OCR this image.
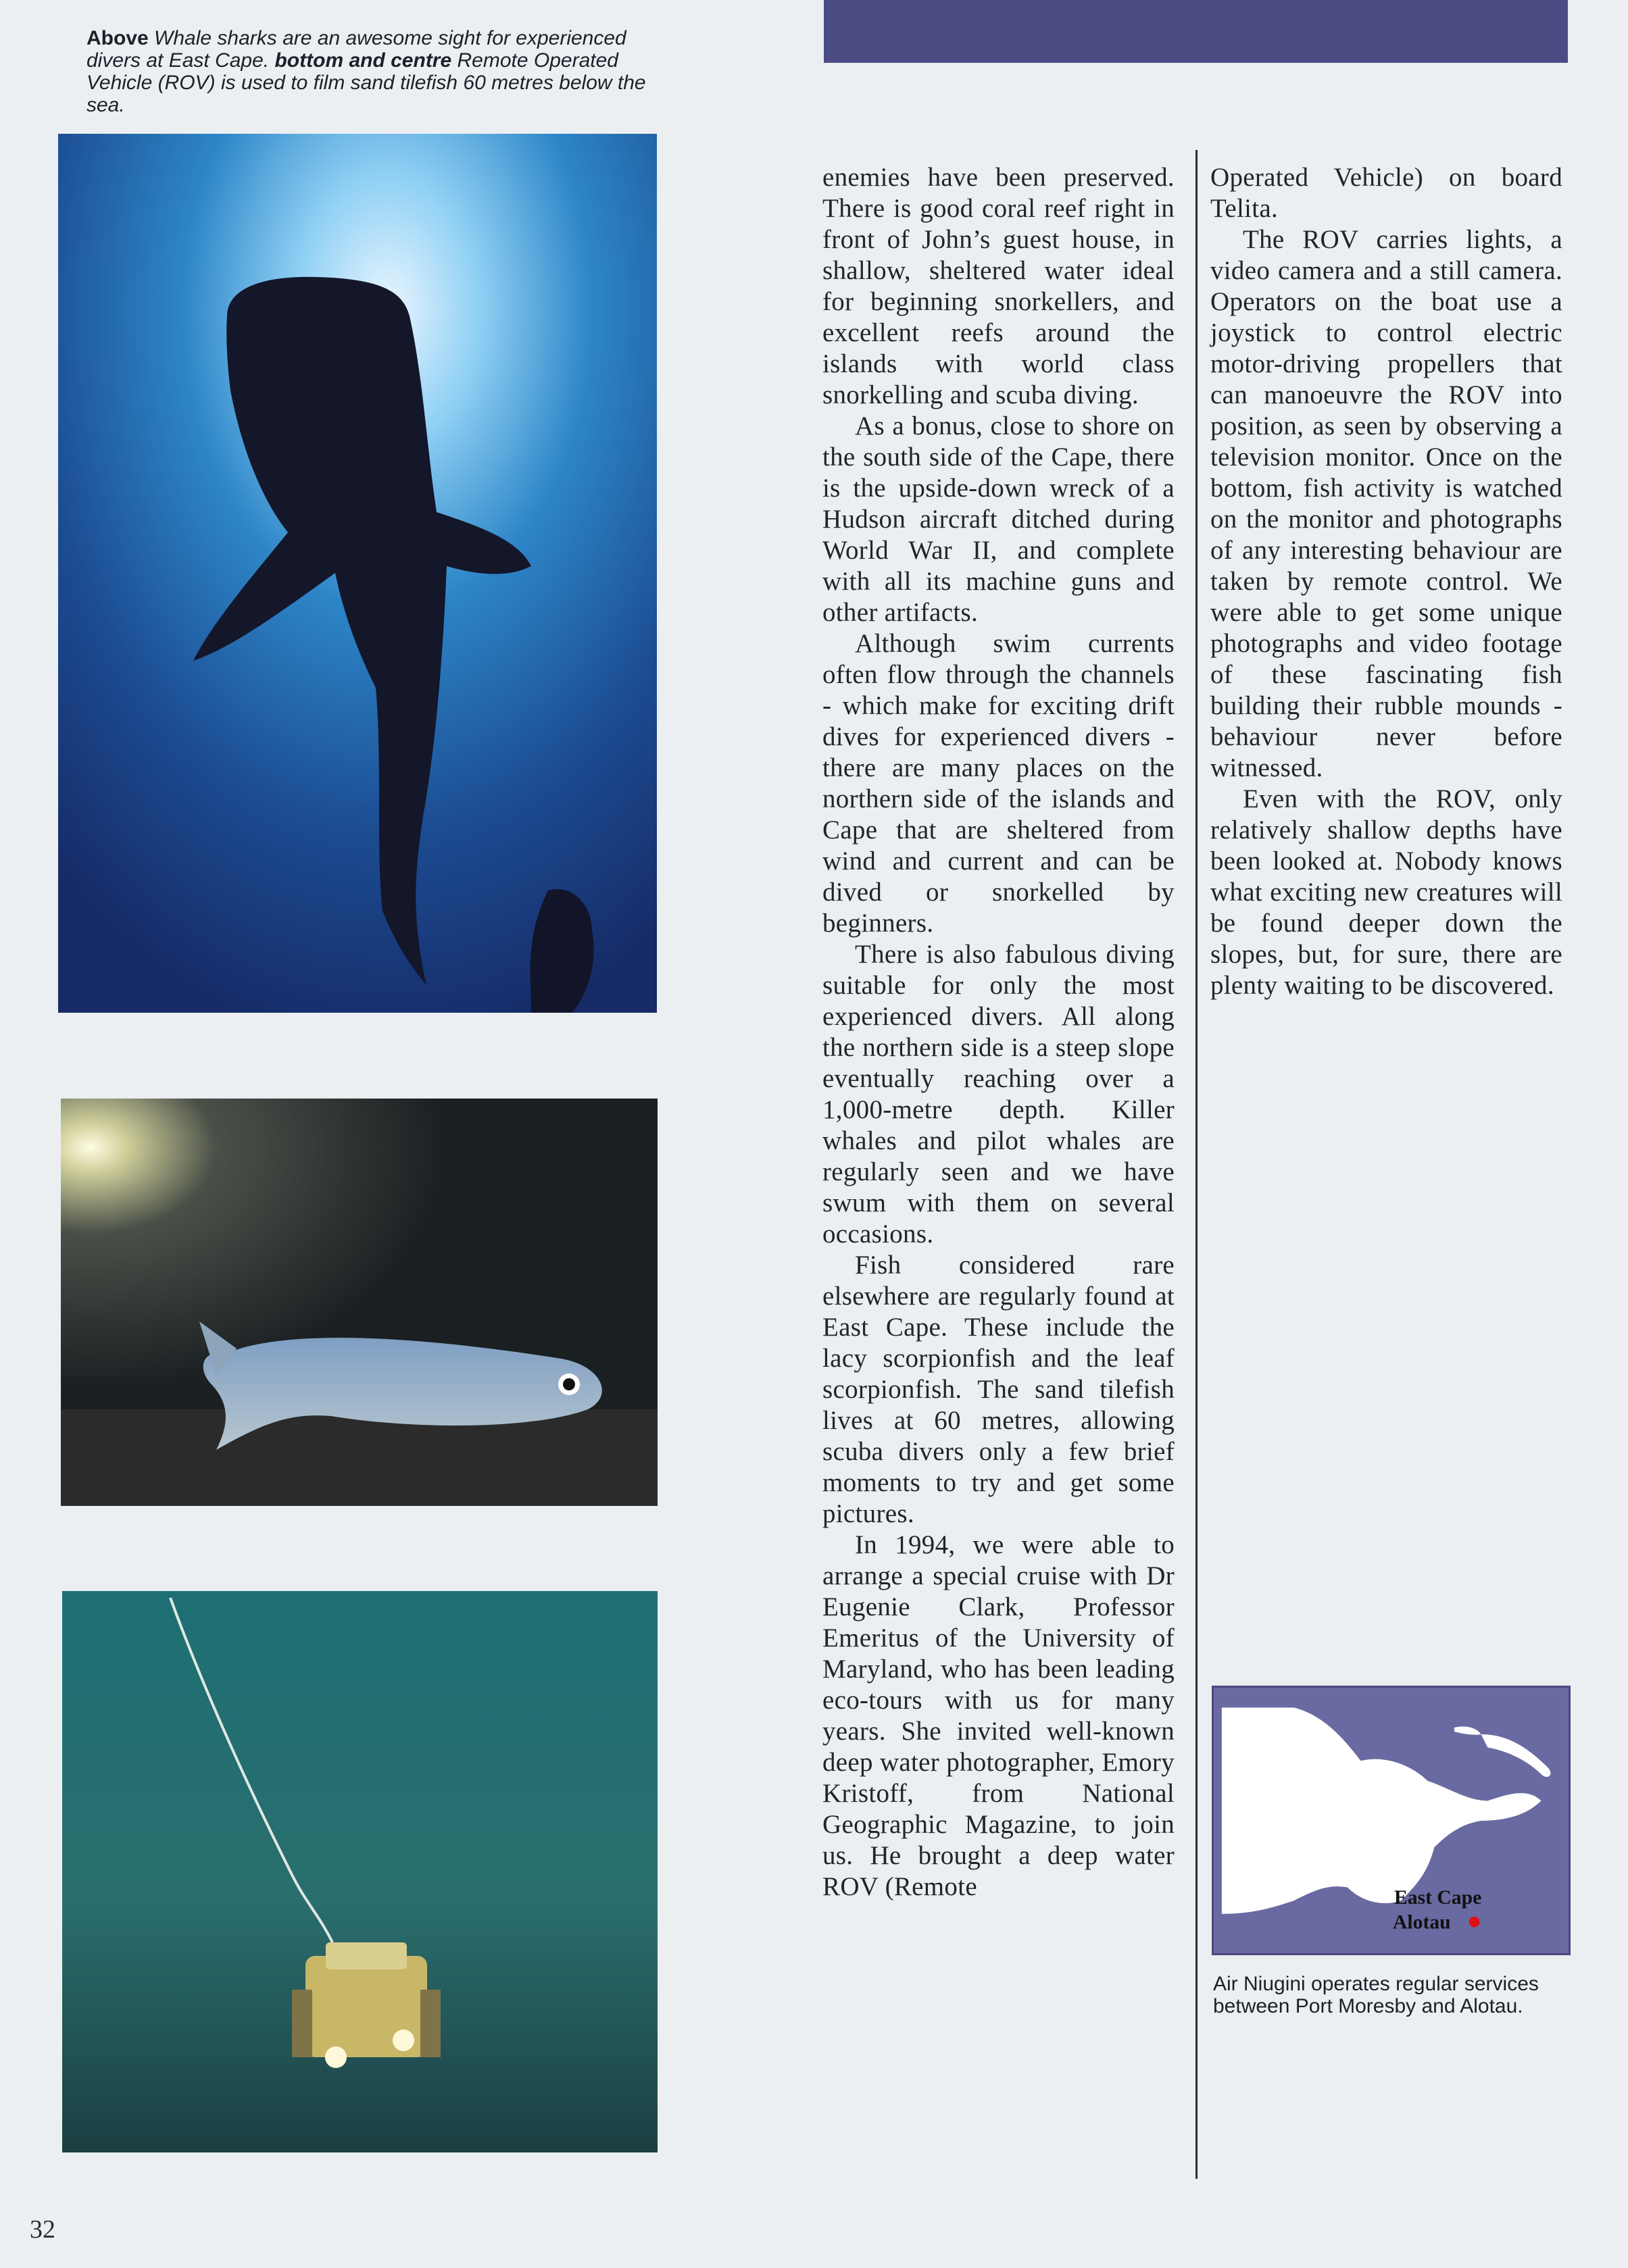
Above Whale sharks are an awesome sight for experienced divers at East Cape. bottom and centre Remote Operated Vehicle (ROV) is used to film sand tilefish 60 metres below the sea.

enemies have been preserved. There is good coral reef right in front of John’s guest house, in shallow, sheltered water ideal for beginning snorkellers, and excellent reefs around the islands with world class snorkelling and scuba diving.

As a bonus, close to shore on the south side of the Cape, there is the upside-down wreck of a Hudson aircraft ditched during World War II, and complete with all its machine guns and other artifacts.

Although swim currents often flow through the channels - which make for exciting drift dives for experienced divers - there are many places on the northern side of the islands and Cape that are sheltered from wind and current and can be dived or snorkelled by beginners.

There is also fabulous diving suitable for only the most experienced divers. All along the northern side is a steep slope eventually reaching over a 1,000-metre depth. Killer whales and pilot whales are regularly seen and we have swum with them on several occasions.

Fish considered rare elsewhere are regularly found at East Cape. These include the lacy scorpionfish and the leaf scorpionfish. The sand tilefish lives at 60 metres, allowing scuba divers only a few brief moments to try and get some pictures.

In 1994, we were able to arrange a special cruise with Dr Eugenie Clark, Professor Emeritus of the University of Maryland, who has been leading eco-tours with us for many years. She invited well-known deep water photographer, Emory Kristoff, from National Geographic Magazine, to join us. He brought a deep water ROV (Remote

Operated Vehicle) on board Telita.

The ROV carries lights, a video camera and a still camera. Operators on the boat use a joystick to control electric motor-driving propellers that can manoeuvre the ROV into position, as seen by observing a television monitor. Once on the bottom, fish activity is watched on the monitor and photographs of any interesting behaviour are taken by remote control. We were able to get some unique photographs and video footage of these fascinating fish building their rubble mounds - behaviour never before witnessed.

Even with the ROV, only relatively shallow depths have been looked at. Nobody knows what exciting new creatures will be found deeper down the slopes, but, for sure, there are plenty waiting to be discovered.

East Cape
Alotau
Air Niugini operates regular services between Port Moresby and Alotau.
32
